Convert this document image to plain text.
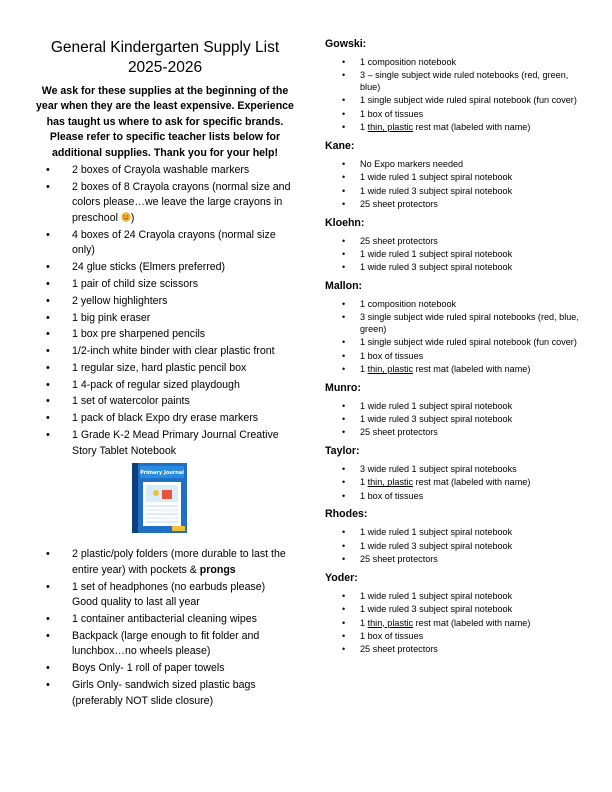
General Kindergarten Supply List
2025-2026

We ask for these supplies at the beginning of the year when they are the least expensive. Experience has taught us where to ask for specific brands. Please refer to specific teacher lists below for additional supplies. Thank you for your help!

• 2 boxes of Crayola washable markers
• 2 boxes of 8 Crayola crayons (normal size and colors please…we leave the large crayons in preschool )
• 4 boxes of 24 Crayola crayons (normal size only)
• 24 glue sticks (Elmers preferred)
• 1 pair of child size scissors
• 2 yellow highlighters
• 1 big pink eraser
• 1 box pre sharpened pencils
• 1/2-inch white binder with clear plastic front
• 1 regular size, hard plastic pencil box
• 1 4-pack of regular sized playdough
• 1 set of watercolor paints
• 1 pack of black Expo dry erase markers
• 1 Grade K-2 Mead Primary Journal Creative Story Tablet Notebook
Primary Journal
• 2 plastic/poly folders (more durable to last the entire year) with pockets & prongs
• 1 set of headphones (no earbuds please) Good quality to last all year
• 1 container antibacterial cleaning wipes
• Backpack (large enough to fit folder and lunchbox…no wheels please)
• Boys Only- 1 roll of paper towels
• Girls Only- sandwich sized plastic bags (preferably NOT slide closure)

Gowski:

• 1 composition notebook
• 3 – single subject wide ruled notebooks (red, green, blue)
• 1 single subject wide ruled spiral notebook (fun cover)
• 1 box of tissues
• 1 thin, plastic rest mat (labeled with name)

Kane:

• No Expo markers needed
• 1 wide ruled 1 subject spiral notebook
• 1 wide ruled 3 subject spiral notebook
• 25 sheet protectors

Kloehn:

• 25 sheet protectors
• 1 wide ruled 1 subject spiral notebook
• 1 wide ruled 3 subject spiral notebook

Mallon:

• 1 composition notebook
• 3 single subject wide ruled spiral notebooks (red, blue, green)
• 1 single subject wide ruled spiral notebook (fun cover)
• 1 box of tissues
• 1 thin, plastic rest mat (labeled with name)

Munro:

• 1 wide ruled 1 subject spiral notebook
• 1 wide ruled 3 subject spiral notebook
• 25 sheet protectors

Taylor:

• 3 wide ruled 1 subject spiral notebooks
• 1 thin, plastic rest mat (labeled with name)
• 1 box of tissues

Rhodes:

• 1 wide ruled 1 subject spiral notebook
• 1 wide ruled 3 subject spiral notebook
• 25 sheet protectors

Yoder:

• 1 wide ruled 1 subject spiral notebook
• 1 wide ruled 3 subject spiral notebook
• 1 thin, plastic rest mat (labeled with name)
• 1 box of tissues
• 25 sheet protectors
